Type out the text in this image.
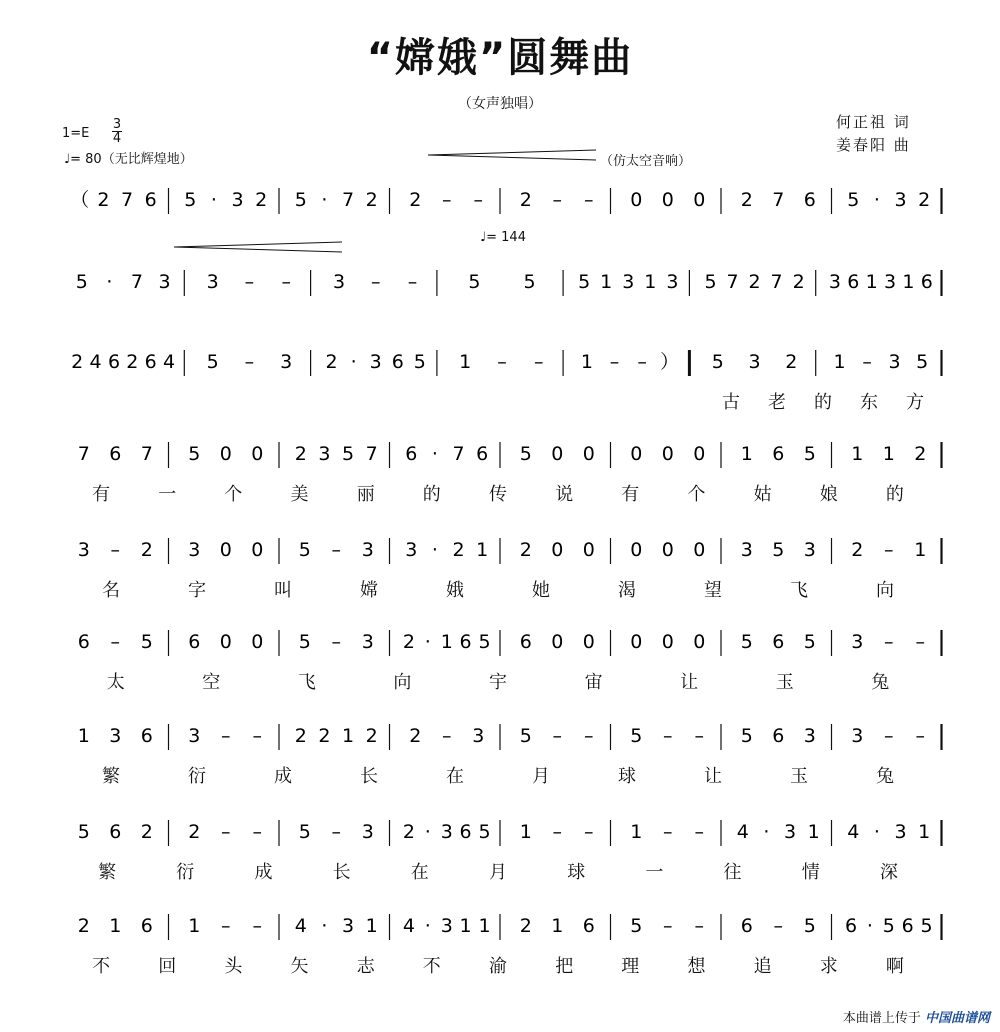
“嫦娥”圆舞曲
（女声独唱）
何正祖 词
姜春阳 曲
$1=E \frac{3}{4}$
♩= 80（无比辉煌地）	（仿太空音响）
♩= 144
（ 2 7 6 5 · 3 2 5 · 7 2 2 – – 2 – – 0 0 0 2 7 6 5 · 3 2
5 · 7 3 3 – – 3 – –	5 5 5 1 3 1 3 5 7 2 7 2 3 6 1 3 1 6
2 4 6 2 6 4 5 – 3 2 · 3 6 5 1 – – 1 – – ） 5 3 2 1 – 3 5
古 老 的 东 方
7 6 7 5 0 0 2 3 5 7 6 · 7 6 5 0 0 0 0 0 1 6 5 1 1 2
有	一	个	美	丽	的	传	说	有	个	姑	娘	的
3 – 2 3 0 0 5 – 3 3 · 2 1 2 0 0 0 0 0 3 5 3 2 – 1
名	字	叫	嫦	娥	她	渴	望	飞	向
6 – 5 6 0 0 5 – 3 2 · 1 6 5 6 0 0 0 0 0 5 6 5 3 – –
太	空	飞	向	宇	宙	让	玉	兔
1 3 6 3 – – 2 2 1 2 2 – 3 5 – – 5 – – 5 6 3 3 – –
繁	衍	成	长	在	月	球	让	玉	兔
5 6 2 2 – – 5 – 3 2 · 3 6 5 1 – – 1 – – 4 · 3 1 4 · 3 1
繁	衍	成	长	在	月	球	一	往	情	深
2 1 6 1 – – 4 · 3 1 4 · 3 1 1 2 1 6 5 – – 6 – 5 6 · 5 6 5
不	回	头	矢	志	不	渝	把	理	想	追	求	啊
本曲谱上传于 中国曲谱网
